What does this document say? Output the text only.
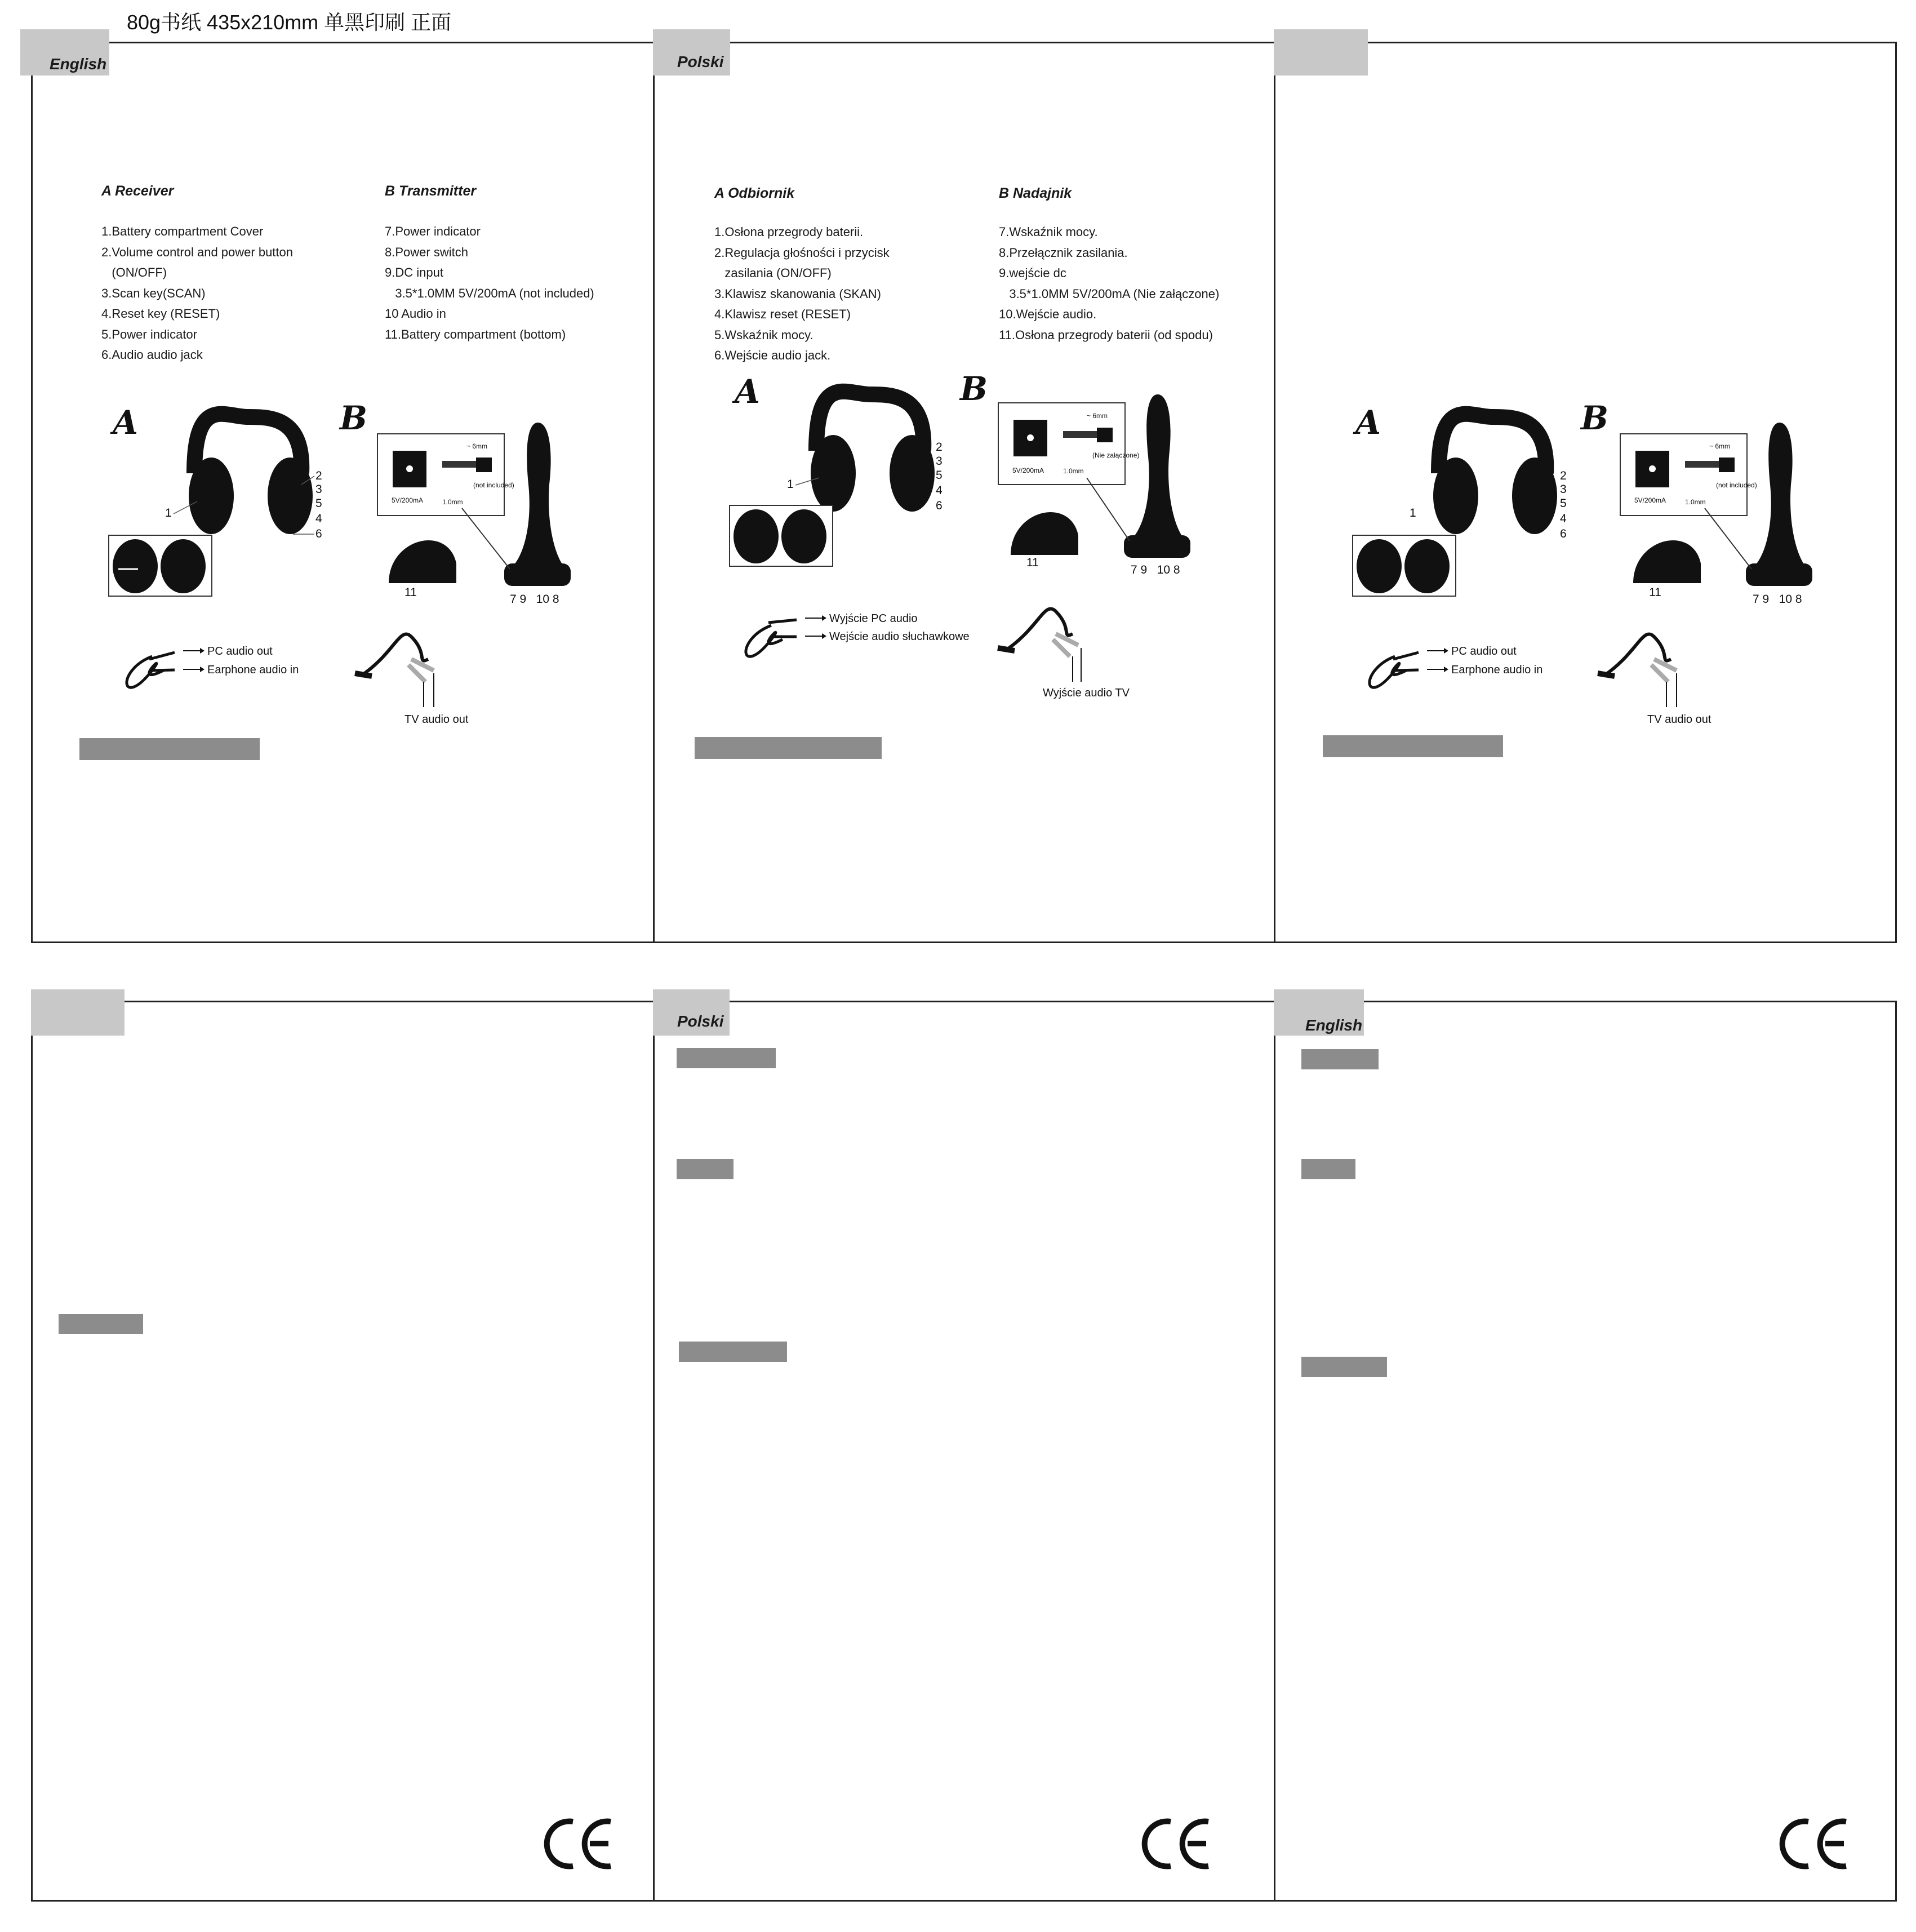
80g书纸 435x210mm 单黑印刷 正面
English	Polski
Polski	English
A Receiver	B Transmitter
1.Battery compartment Cover
2.Volume control and power button
(ON/OFF)
3.Scan key(SCAN)
4.Reset key (RESET)
5.Power indicator
6.Audio audio jack
7.Power indicator
8.Power switch
9.DC input
3.5*1.0MM 5V/200mA (not included)
10 Audio in
11.Battery compartment (bottom)
A	B
1
2
3
5
4
6
5V/200mA
~ 6mm
1.0mm
(not included)
11
7 9   10 8
PC audio out
Earphone audio in
TV audio out
A Odbiornik	B Nadajnik
1.Osłona przegrody baterii.
2.Regulacja głośności i przycisk
zasilania (ON/OFF)
3.Klawisz skanowania (SKAN)
4.Klawisz reset (RESET)
5.Wskaźnik mocy.
6.Wejście audio jack.
7.Wskaźnik mocy.
8.Przełącznik zasilania.
9.wejście dc
3.5*1.0MM 5V/200mA (Nie załączone)
10.Wejście audio.
11.Osłona przegrody baterii (od spodu)
A	B
1
2
3
5
4
6
5V/200mA
~ 6mm
1.0mm
(Nie załączone)
11
7 9   10 8
Wyjście PC audio
Wejście audio słuchawkowe
Wyjście audio TV
A	B
1
2
3
5
4
6
5V/200mA
~ 6mm
1.0mm
(not included)
11
7 9   10 8
PC audio out
Earphone audio in
TV audio out
